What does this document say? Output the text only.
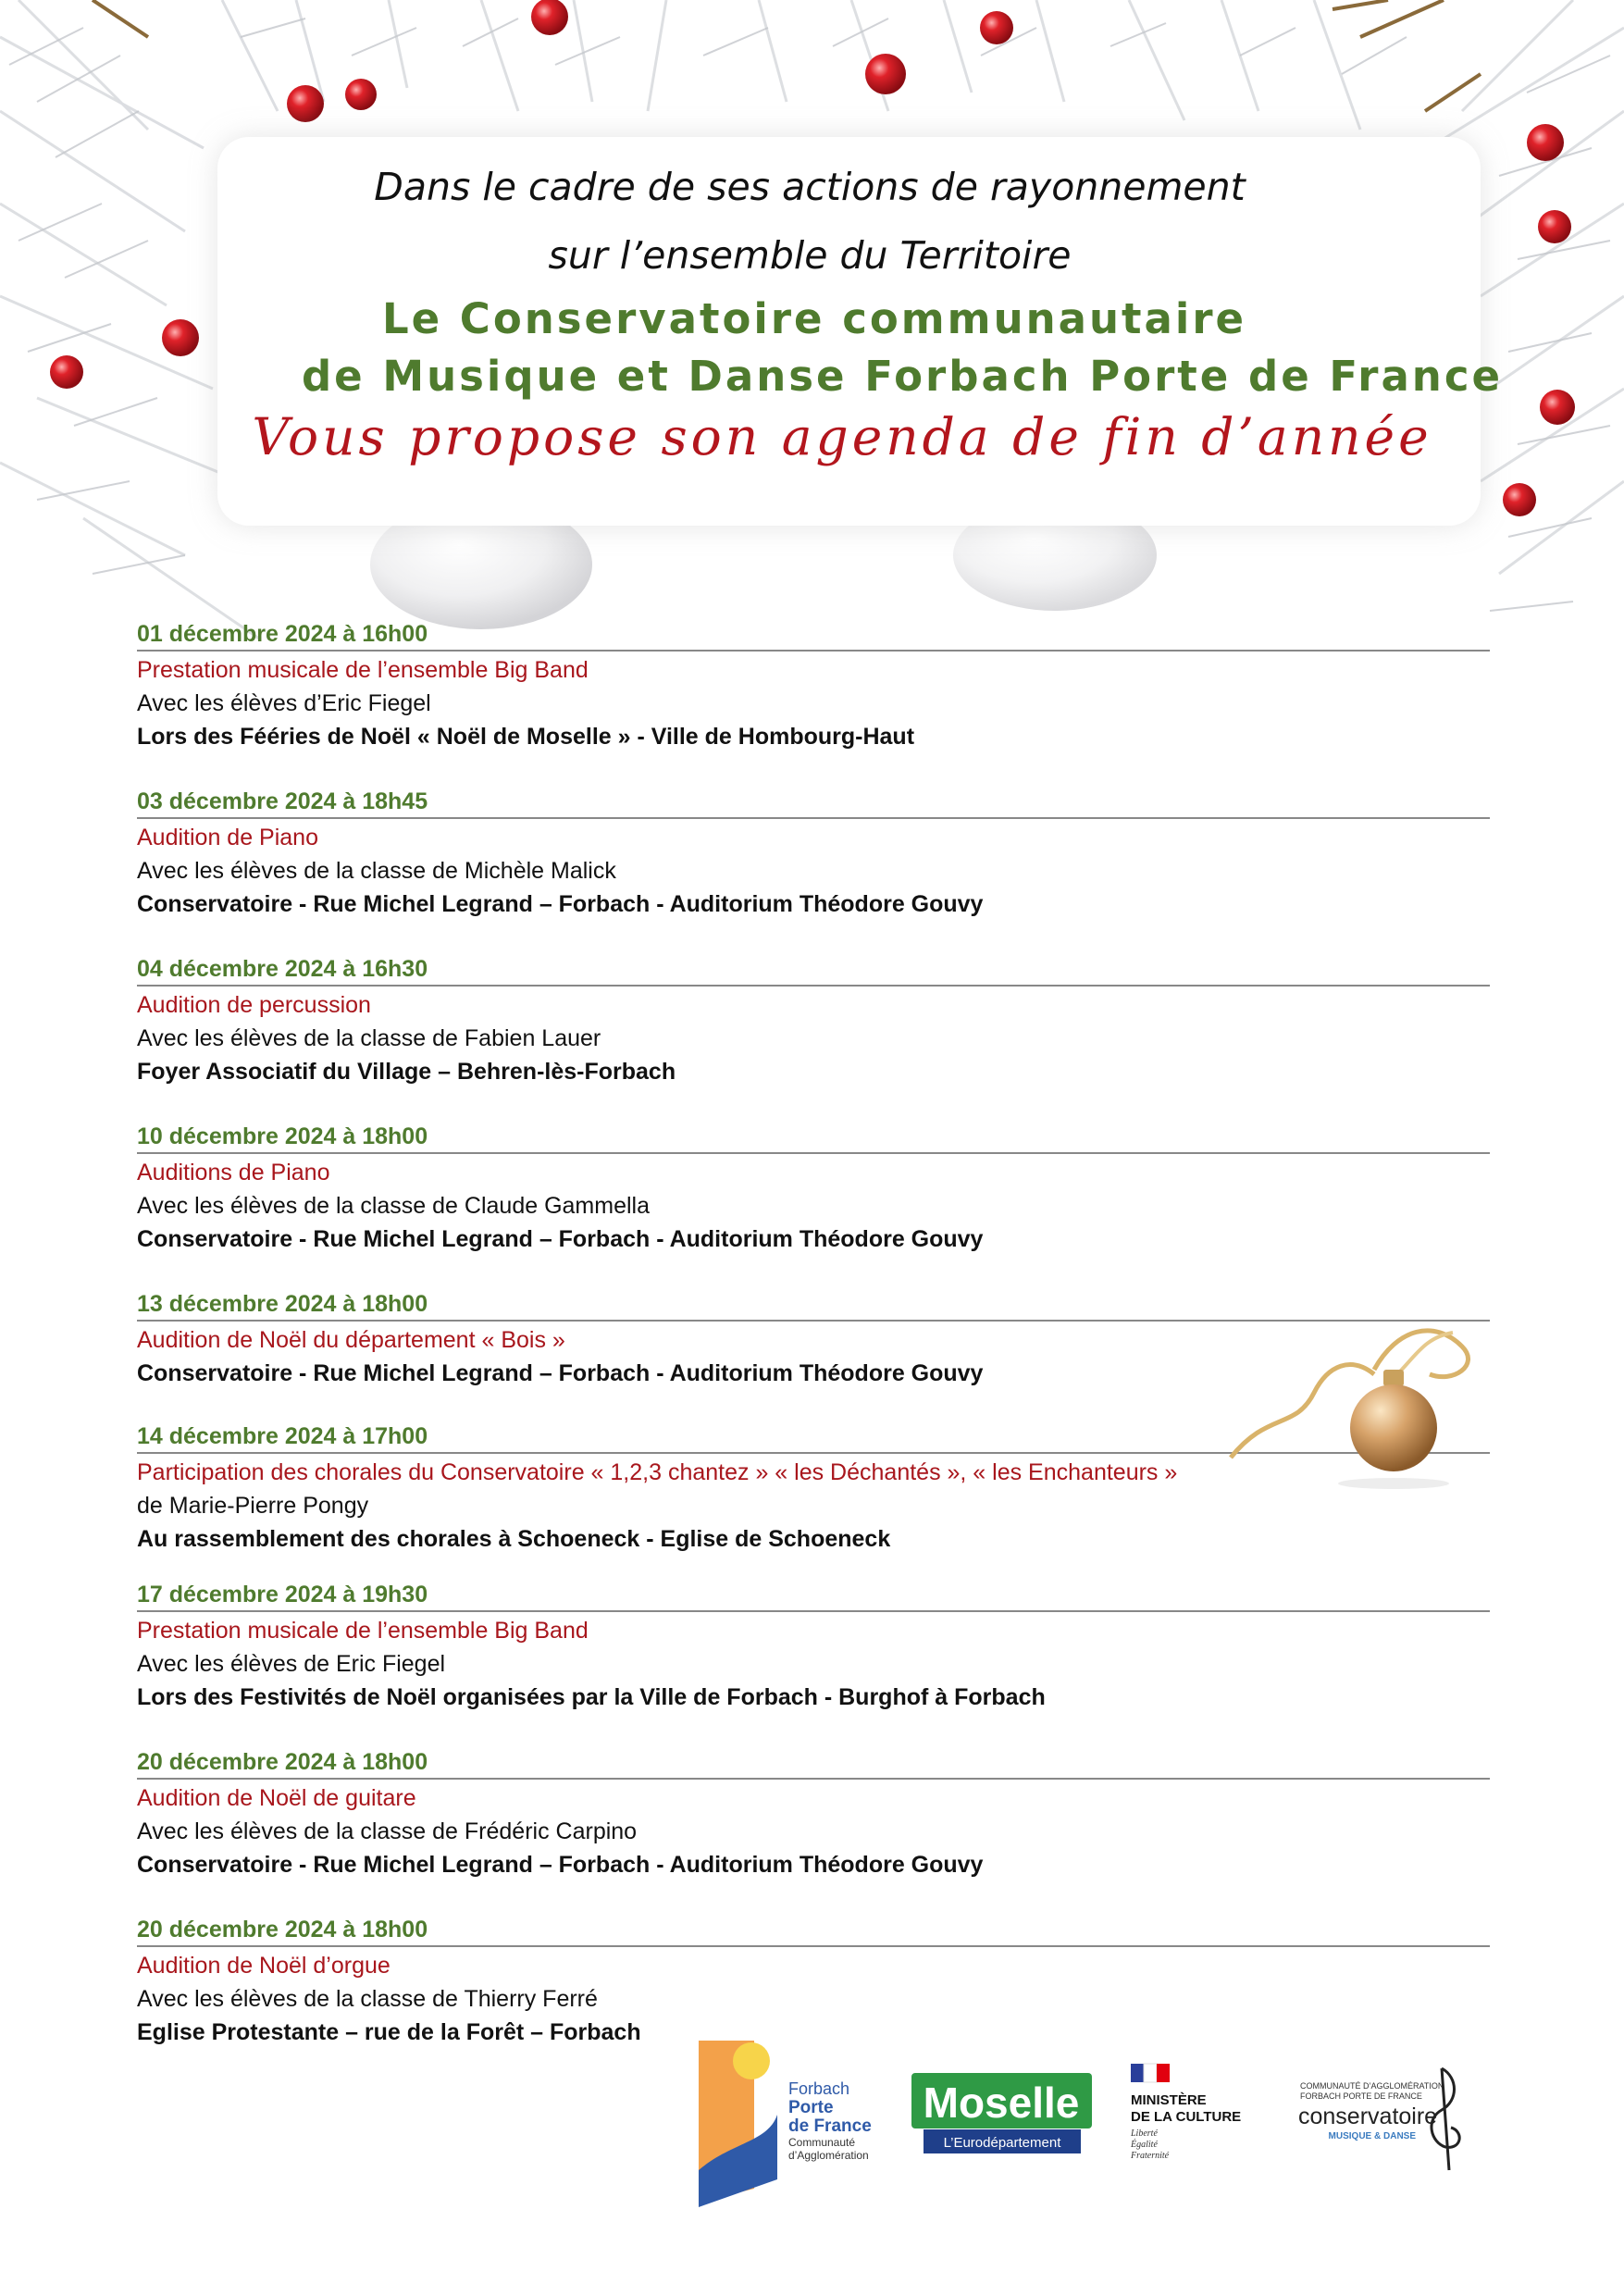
Dans le cadre de ses actions de rayonnement
sur l’ensemble du Territoire
Le Conservatoire communautaire
de Musique et Danse Forbach Porte de France
Vous propose son agenda de fin d’année
01 décembre 2024 à 16h00
Prestation musicale de l’ensemble Big Band
Avec les élèves d’Eric Fiegel
Lors des Fééries de Noël « Noël de Moselle » - Ville de Hombourg-Haut
03 décembre 2024 à 18h45
Audition de Piano
Avec les élèves de la classe de Michèle Malick
Conservatoire - Rue Michel Legrand – Forbach - Auditorium Théodore Gouvy
04 décembre 2024 à 16h30
Audition de percussion
Avec les élèves de la classe de Fabien Lauer
Foyer Associatif du Village – Behren-lès-Forbach
10 décembre 2024 à 18h00
Auditions de Piano
Avec les élèves de la classe de Claude Gammella
Conservatoire - Rue Michel Legrand – Forbach - Auditorium Théodore Gouvy
13 décembre 2024 à 18h00
Audition de Noël du département « Bois »
Conservatoire - Rue Michel Legrand – Forbach - Auditorium Théodore Gouvy
14 décembre 2024 à 17h00
Participation des chorales du Conservatoire « 1,2,3 chantez » « les Déchantés », « les Enchanteurs »
de Marie-Pierre Pongy
Au rassemblement des chorales à Schoeneck - Eglise de Schoeneck
17 décembre 2024 à 19h30
Prestation musicale de l’ensemble Big Band
Avec les élèves de Eric Fiegel
Lors des Festivités de Noël organisées par la Ville de Forbach - Burghof à Forbach
20 décembre 2024 à 18h00
Audition de Noël de guitare
Avec les élèves de la classe de Frédéric Carpino
Conservatoire - Rue Michel Legrand – Forbach - Auditorium Théodore Gouvy
20 décembre 2024 à 18h00
Audition de Noël d’orgue
Avec les élèves de la classe de Thierry Ferré
Eglise Protestante – rue de la Forêt – Forbach
Forbach
Porte
de France
Communauté
d’Agglomération
Moselle
L’Eurodépartement
MINISTÈRE
DE LA CULTURE
Liberté
Égalité
Fraternité
COMMUNAUTÉ D’AGGLOMÉRATION
FORBACH PORTE DE FRANCE
conservatoire
MUSIQUE & DANSE
